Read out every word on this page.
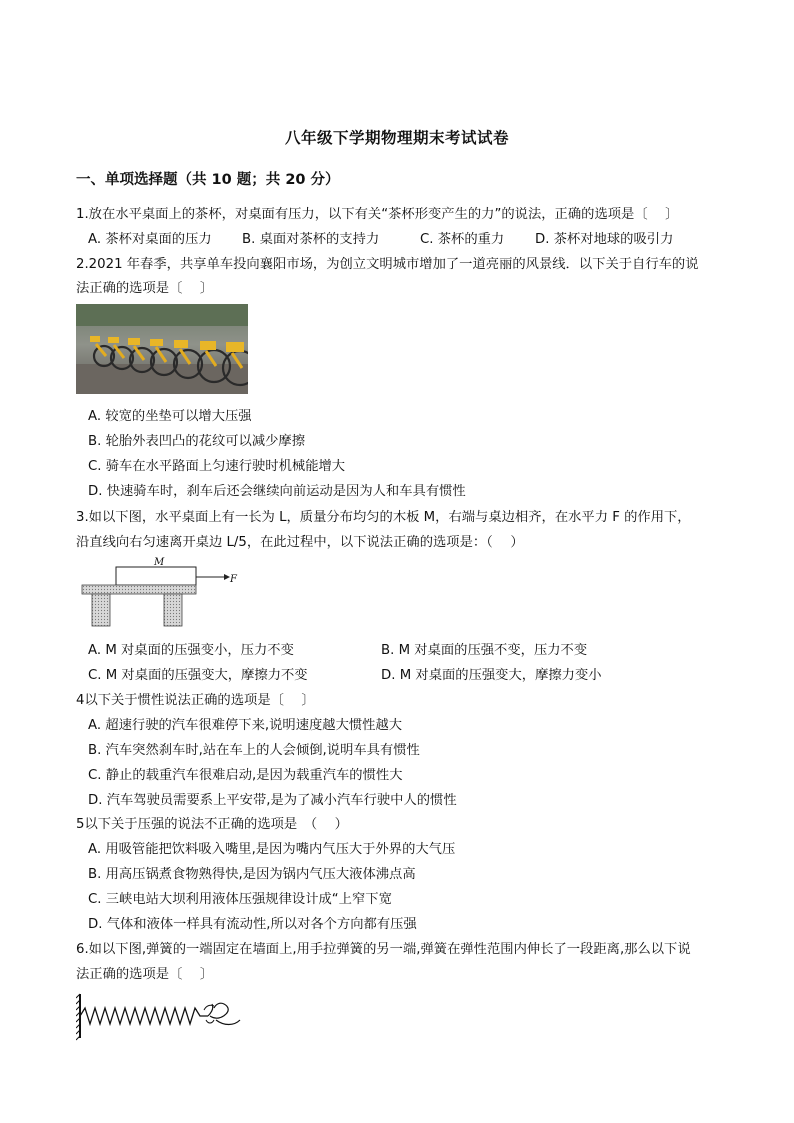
八年级下学期物理期末考试试卷
一、单项选择题（共 10 题；共 20 分）
1.放在水平桌面上的茶杯，对桌面有压力，以下有关“茶杯形变产生的力”的说法，正确的选项是〔　 〕
A. 茶杯对桌面的压力 B. 桌面对茶杯的支持力	C. 茶杯的重力 D. 茶杯对地球的吸引力
2.2021 年春季，共享单车投向襄阳市场，为创立文明城市增加了一道亮丽的风景线．以下关于自行车的说
法正确的选项是〔　 〕
A. 较宽的坐垫可以增大压强
B. 轮胎外表凹凸的花纹可以减少摩擦
C. 骑车在水平路面上匀速行驶时机械能增大
D. 快速骑车时，刹车后还会继续向前运动是因为人和车具有惯性
3.如以下图，水平桌面上有一长为 L，质量分布均匀的木板 M，右端与桌边相齐，在水平力 F 的作用下，
沿直线向右匀速离开桌边 L/5，在此过程中，以下说法正确的选项是：（　 ）
M
F
A. M 对桌面的压强变小，压力不变	B. M 对桌面的压强不变，压力不变
C. M 对桌面的压强变大，摩擦力不变	D. M 对桌面的压强变大，摩擦力变小
4以下关于惯性说法正确的选项是〔　 〕
A. 超速行驶的汽车很难停下来,说明速度越大惯性越大
B. 汽车突然刹车时,站在车上的人会倾倒,说明车具有惯性
C. 静止的载重汽车很难启动,是因为载重汽车的惯性大
D. 汽车驾驶员需要系上平安带,是为了减小汽车行驶中人的惯性
5以下关于压强的说法不正确的选项是　（　 ）
A. 用吸管能把饮料吸入嘴里,是因为嘴内气压大于外界的大气压
B. 用高压锅煮食物熟得快,是因为锅内气压大液体沸点高
C. 三峡电站大坝利用液体压强规律设计成“上窄下宽
D. 气体和液体一样具有流动性,所以对各个方向都有压强
6.如以下图,弹簧的一端固定在墙面上,用手拉弹簧的另一端,弹簧在弹性范围内伸长了一段距离,那么以下说
法正确的选项是〔　 〕
